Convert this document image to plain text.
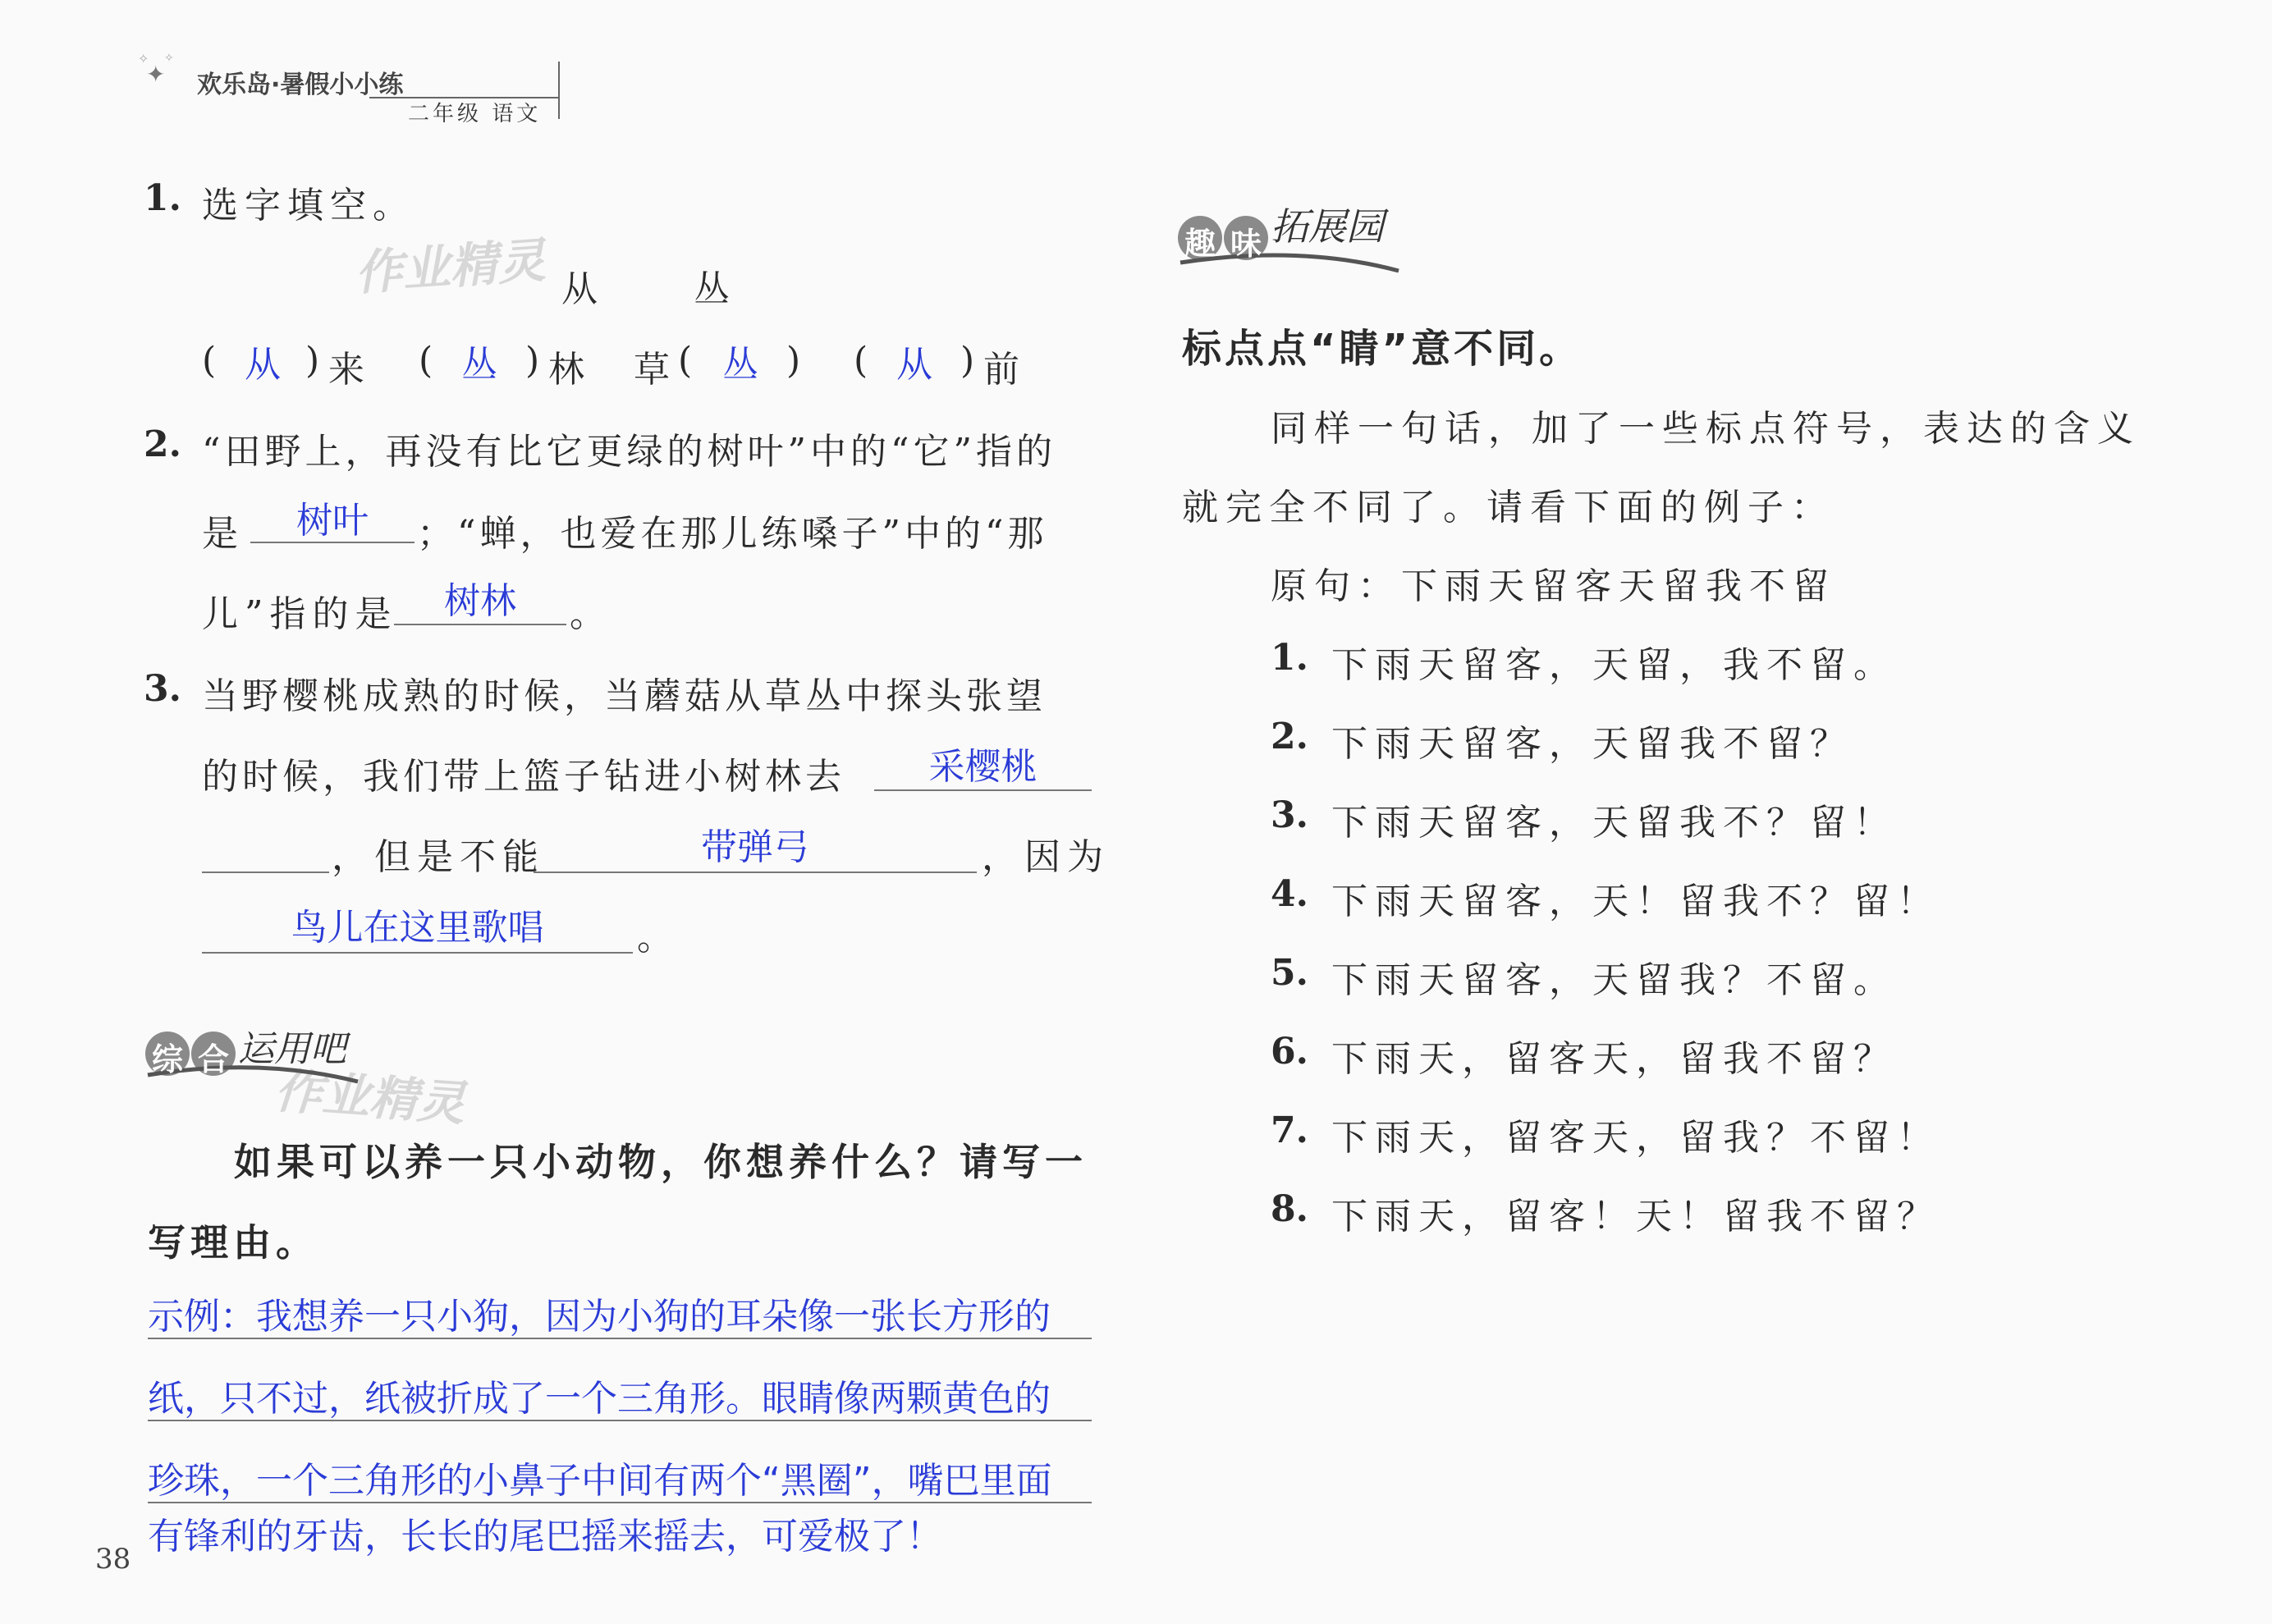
✦
✧ ✧
欢乐岛·暑假小小练
二年级 语文
作业精灵
作业精灵
1. 选字填空。
从 丛
( 从 ) 来 ( 丛 ) 林 草 ( 丛 ) ( 从 ) 前
2. “田野上，再没有比它更绿的树叶”中的“它”指的
是	树叶	；“蝉，也爱在那儿练嗓子”中的“那
儿”指的是	树林	。
3. 当野樱桃成熟的时候，当蘑菇从草丛中探头张望
的时候，我们带上篮子钻进小树林去	采樱桃
，但是不能	带弹弓	，因为
鸟儿在这里歌唱	。
综 合 运用吧
如果可以养一只小动物，你想养什么？请写一
写理由。
示例：我想养一只小狗，因为小狗的耳朵像一张长方形的
纸，只不过，纸被折成了一个三角形。眼睛像两颗黄色的
珍珠，一个三角形的小鼻子中间有两个“黑圈”，嘴巴里面
有锋利的牙齿，长长的尾巴摇来摇去，可爱极了！
38
趣 味 拓展园
标点点“睛”意不同。
同样一句话，加了一些标点符号，表达的含义
就完全不同了。请看下面的例子：
原句：下雨天留客天留我不留
1. 下雨天留客，天留，我不留。
2. 下雨天留客，天留我不留？
3. 下雨天留客，天留我不？留！
4. 下雨天留客，天！留我不？留！
5. 下雨天留客，天留我？不留。
6. 下雨天，留客天，留我不留？
7. 下雨天，留客天，留我？不留！
8. 下雨天，留客！天！留我不留？
